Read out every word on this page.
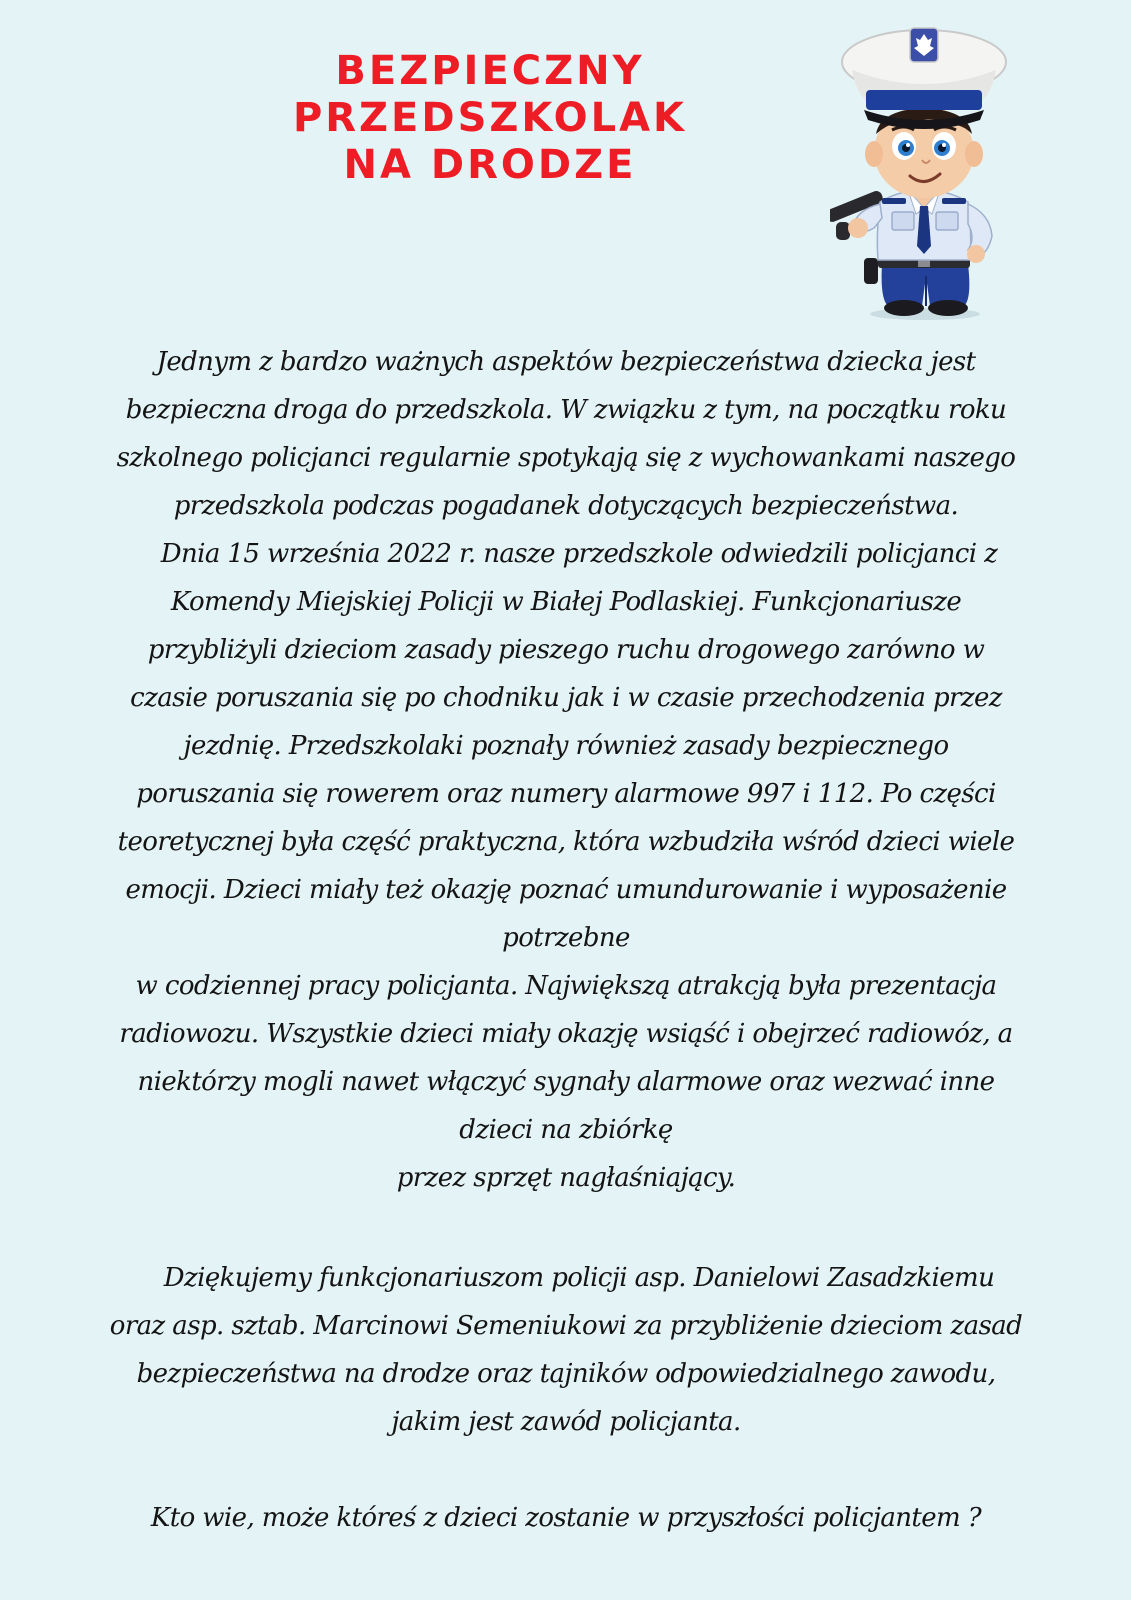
BEZPIECZNY
PRZEDSZKOLAK
NA DRODZE
Jednym z bardzo ważnych aspektów bezpieczeństwa dziecka jest
bezpieczna droga do przedszkola. W związku z tym, na początku roku
szkolnego policjanci regularnie spotykają się z wychowankami naszego
przedszkola podczas pogadanek dotyczących bezpieczeństwa.
Dnia 15 września 2022 r. nasze przedszkole odwiedzili policjanci z
Komendy Miejskiej Policji w Białej Podlaskiej. Funkcjonariusze
przybliżyli dzieciom zasady pieszego ruchu drogowego zarówno w
czasie poruszania się po chodniku jak i w czasie przechodzenia przez
jezdnię. Przedszkolaki poznały również zasady bezpiecznego
poruszania się rowerem oraz numery alarmowe 997 i 112. Po części
teoretycznej była część praktyczna, która wzbudziła wśród dzieci wiele
emocji. Dzieci miały też okazję poznać umundurowanie i wyposażenie
potrzebne
w codziennej pracy policjanta. Największą atrakcją była prezentacja
radiowozu. Wszystkie dzieci miały okazję wsiąść i obejrzeć radiowóz, a
niektórzy mogli nawet włączyć sygnały alarmowe oraz wezwać inne
dzieci na zbiórkę
przez sprzęt nagłaśniający.
Dziękujemy funkcjonariuszom policji asp. Danielowi Zasadzkiemu
oraz asp. sztab. Marcinowi Semeniukowi za przybliżenie dzieciom zasad
bezpieczeństwa na drodze oraz tajników odpowiedzialnego zawodu,
jakim jest zawód policjanta.
Kto wie, może któreś z dzieci zostanie w przyszłości policjantem ?
